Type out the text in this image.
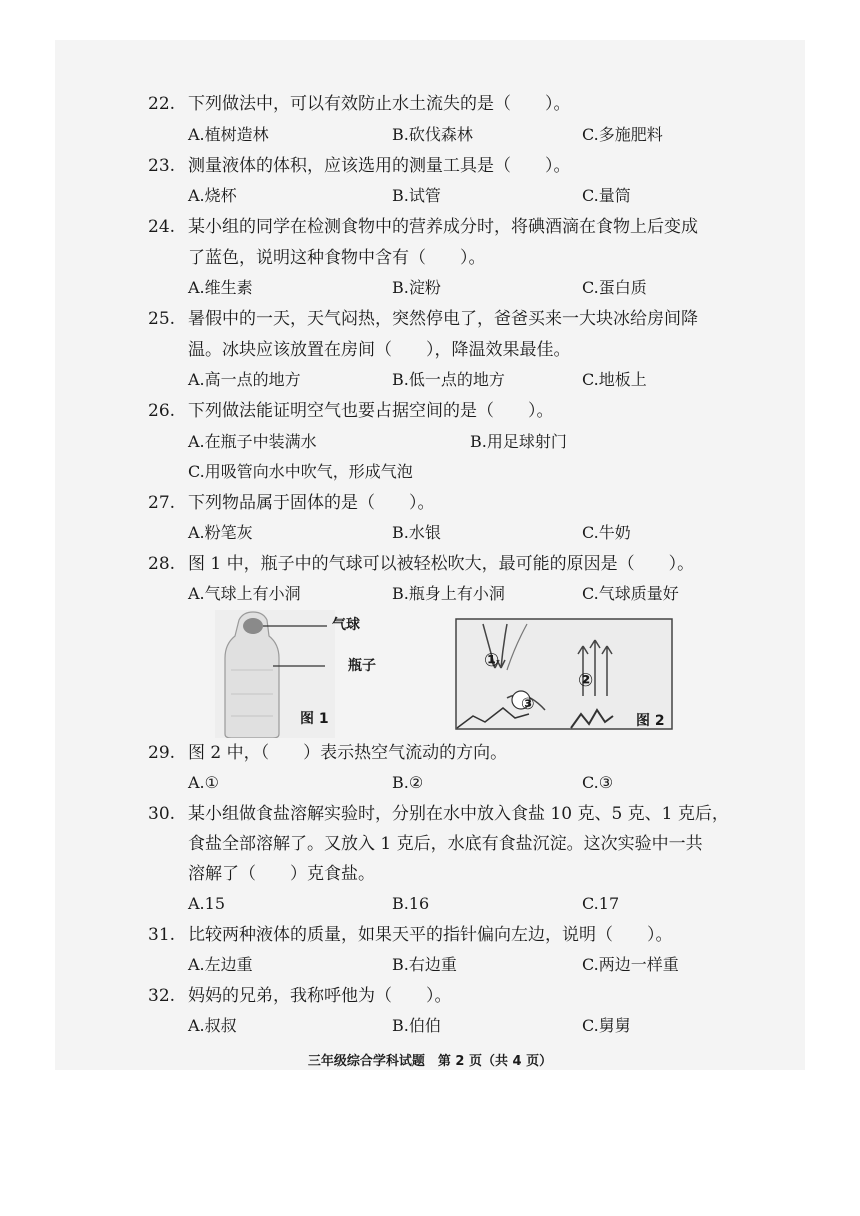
22. 下列做法中，可以有效防止水土流失的是（　　）。
A.植树造林	B.砍伐森林	C.多施肥料
23. 测量液体的体积，应该选用的测量工具是（　　）。
A.烧杯	B.试管	C.量筒
24. 某小组的同学在检测食物中的营养成分时，将碘酒滴在食物上后变成
了蓝色，说明这种食物中含有（　　）。
A.维生素	B.淀粉	C.蛋白质
25. 暑假中的一天，天气闷热，突然停电了，爸爸买来一大块冰给房间降
温。冰块应该放置在房间（　　），降温效果最佳。
A.高一点的地方	B.低一点的地方	C.地板上
26. 下列做法能证明空气也要占据空间的是（　　）。
A.在瓶子中装满水	B.用足球射门
C.用吸管向水中吹气，形成气泡
27. 下列物品属于固体的是（　　）。
A.粉笔灰	B.水银	C.牛奶
28. 图 1 中，瓶子中的气球可以被轻松吹大，最可能的原因是（　　）。
A.气球上有小洞	B.瓶身上有小洞	C.气球质量好
气球
瓶子
图 1
①
②
③
图 2
29. 图 2 中，（　　）表示热空气流动的方向。
A.①	B.②	C.③
30. 某小组做食盐溶解实验时，分别在水中放入食盐 10 克、5 克、1 克后，
食盐全部溶解了。又放入 1 克后，水底有食盐沉淀。这次实验中一共
溶解了（　　）克食盐。
A.15	B.16	C.17
31. 比较两种液体的质量，如果天平的指针偏向左边，说明（　　）。
A.左边重	B.右边重	C.两边一样重
32. 妈妈的兄弟，我称呼他为（　　）。
A.叔叔	B.伯伯	C.舅舅
三年级综合学科试题　第 2 页（共 4 页）
